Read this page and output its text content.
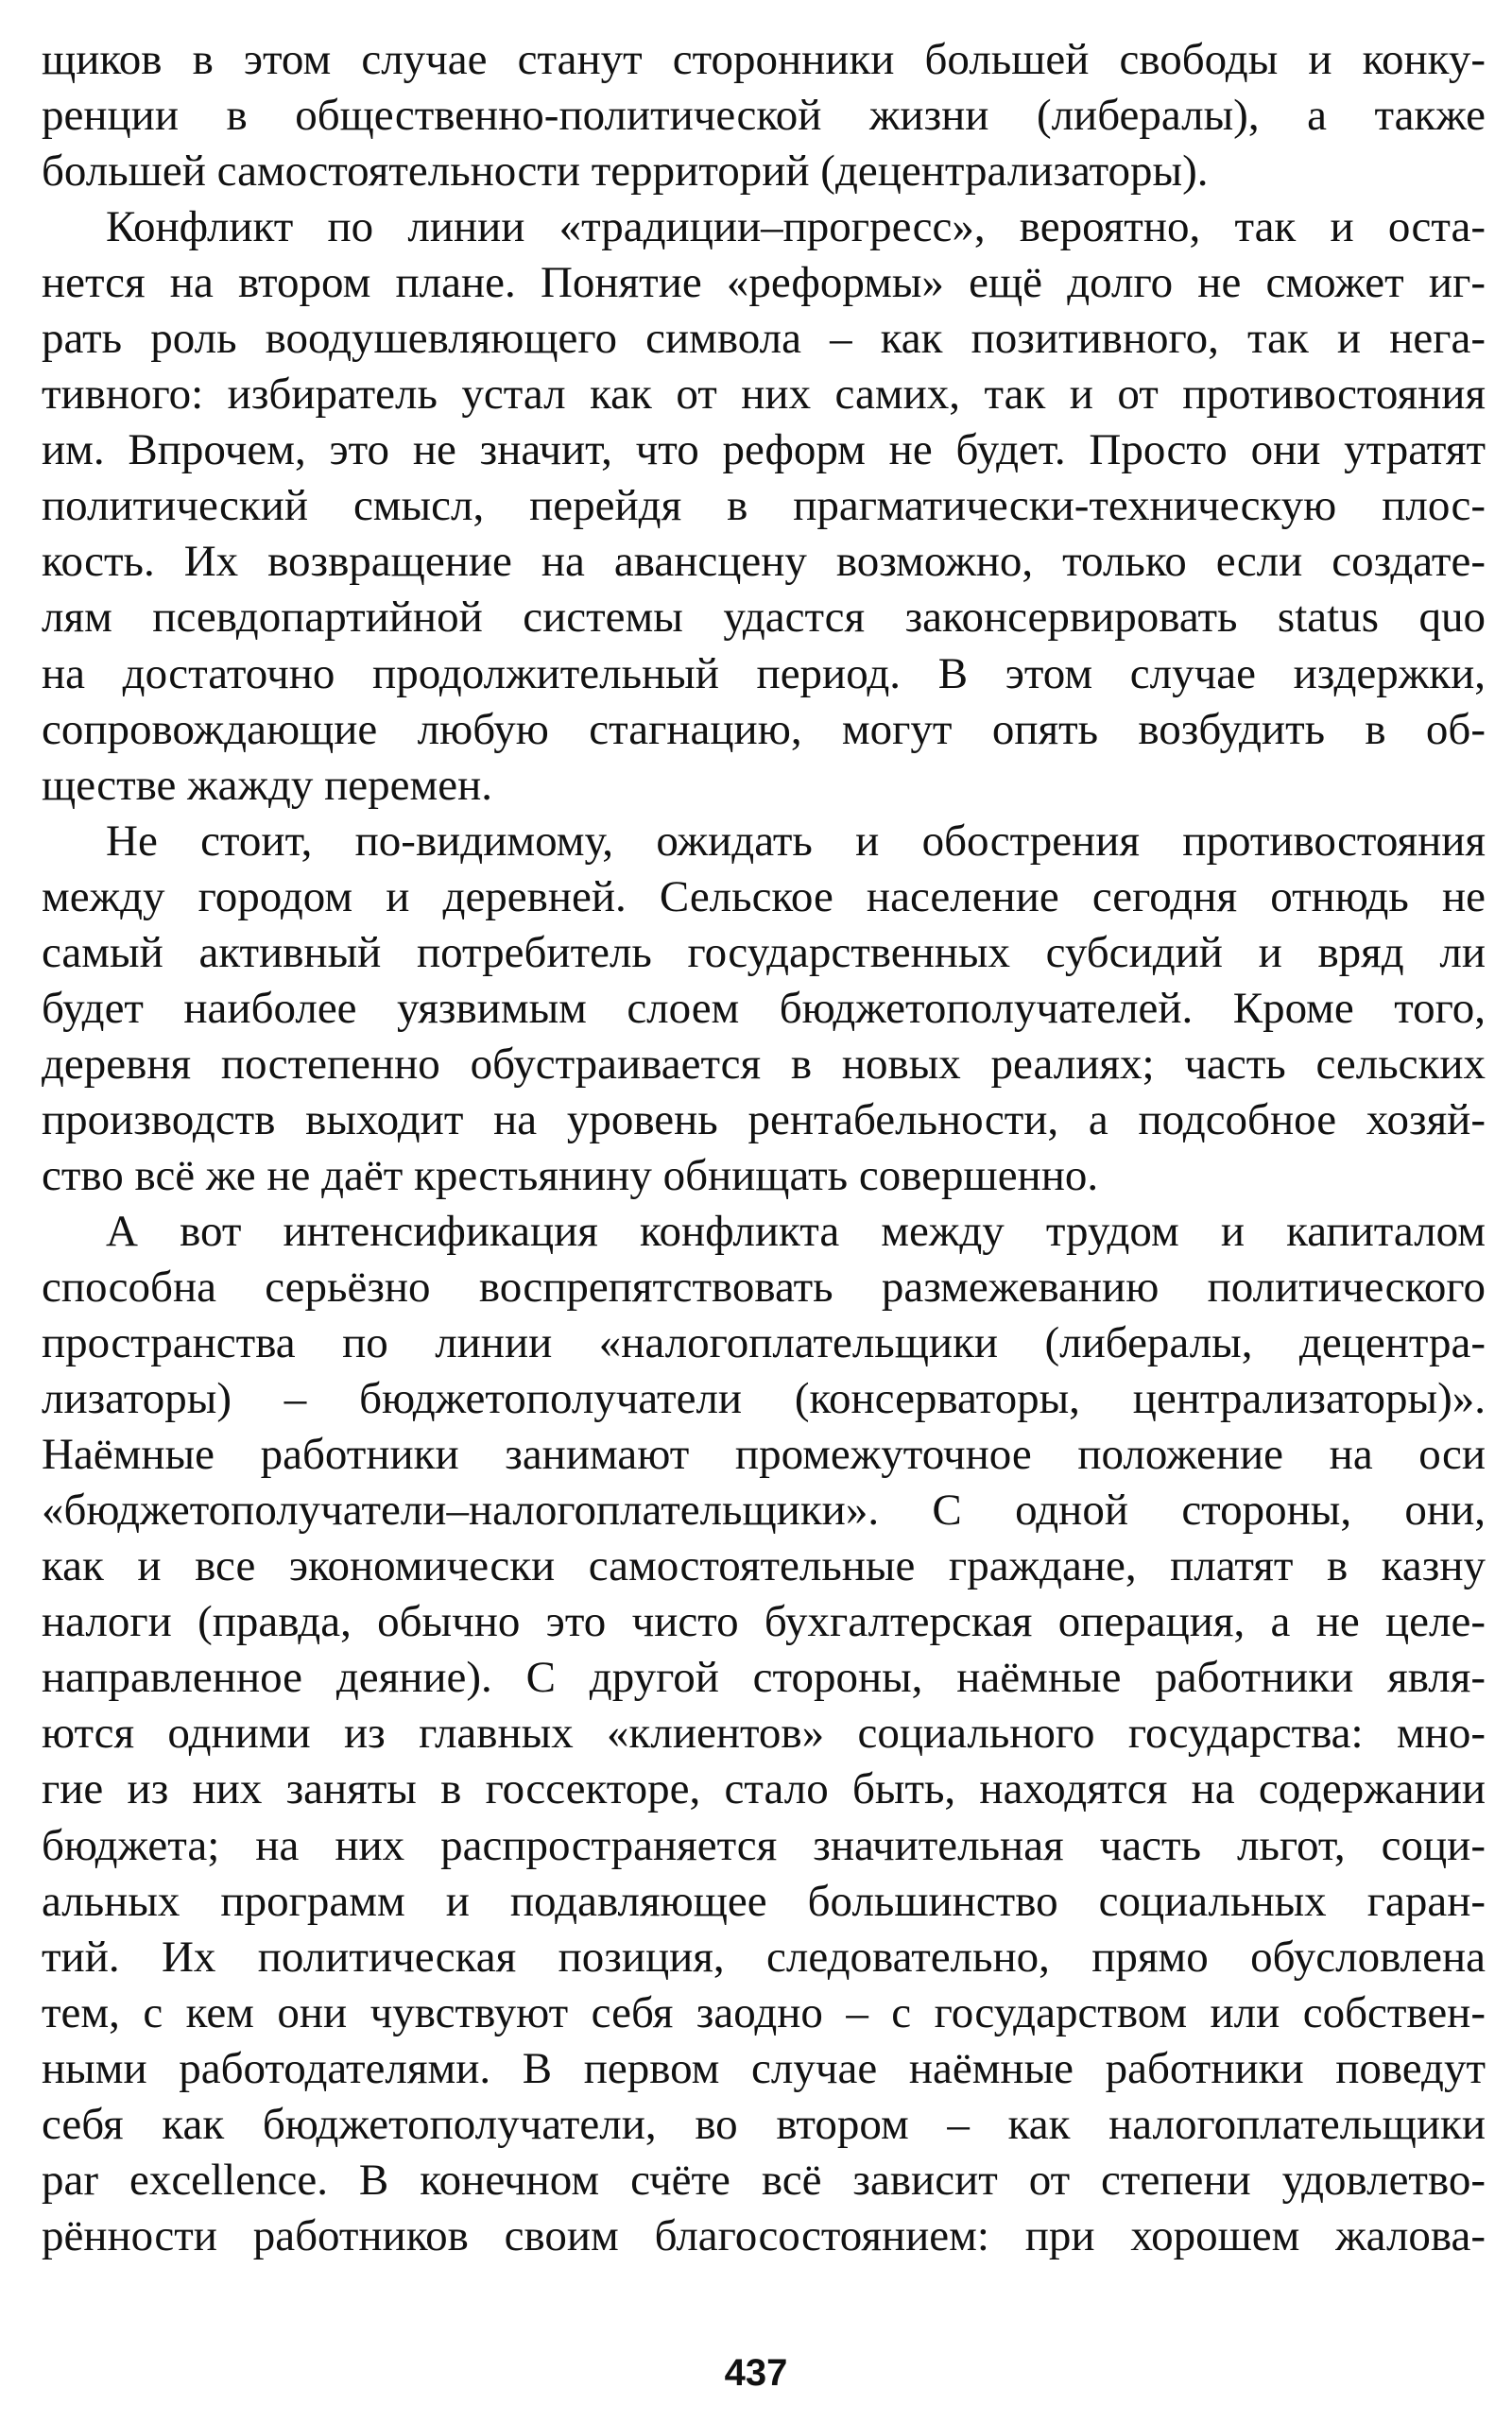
щиков в этом случае станут сторонники большей свободы и конку-
ренции в общественно-политической жизни (либералы), а также
большей самостоятельности территорий (децентрализаторы).
Конфликт по линии «традиции–прогресс», вероятно, так и оста-
нется на втором плане. Понятие «реформы» ещё долго не сможет иг-
рать роль воодушевляющего символа – как позитивного, так и нега-
тивного: избиратель устал как от них самих, так и от противостояния
им. Впрочем, это не значит, что реформ не будет. Просто они утратят
политический смысл, перейдя в прагматически-техническую плос-
кость. Их возвращение на авансцену возможно, только если создате-
лям псевдопартийной системы удастся законсервировать status quo
на достаточно продолжительный период. В этом случае издержки,
сопровождающие любую стагнацию, могут опять возбудить в об-
ществе жажду перемен.
Не стоит, по-видимому, ожидать и обострения противостояния
между городом и деревней. Сельское население сегодня отнюдь не
самый активный потребитель государственных субсидий и вряд ли
будет наиболее уязвимым слоем бюджетополучателей. Кроме того,
деревня постепенно обустраивается в новых реалиях; часть сельских
производств выходит на уровень рентабельности, а подсобное хозяй-
ство всё же не даёт крестьянину обнищать совершенно.
А вот интенсификация конфликта между трудом и капиталом
способна серьёзно воспрепятствовать размежеванию политического
пространства по линии «налогоплательщики (либералы, децентра-
лизаторы) – бюджетополучатели (консерваторы, централизаторы)».
Наёмные работники занимают промежуточное положение на оси
«бюджетополучатели–налогоплательщики». С одной стороны, они,
как и все экономически самостоятельные граждане, платят в казну
налоги (правда, обычно это чисто бухгалтерская операция, а не целе-
направленное деяние). С другой стороны, наёмные работники явля-
ются одними из главных «клиентов» социального государства: мно-
гие из них заняты в госсекторе, стало быть, находятся на содержании
бюджета; на них распространяется значительная часть льгот, соци-
альных программ и подавляющее большинство социальных гаран-
тий. Их политическая позиция, следовательно, прямо обусловлена
тем, с кем они чувствуют себя заодно – с государством или собствен-
ными работодателями. В первом случае наёмные работники поведут
себя как бюджетополучатели, во втором – как налогоплательщики
par excellence. В конечном счёте всё зависит от степени удовлетво-
рённости работников своим благосостоянием: при хорошем жалова-
437
